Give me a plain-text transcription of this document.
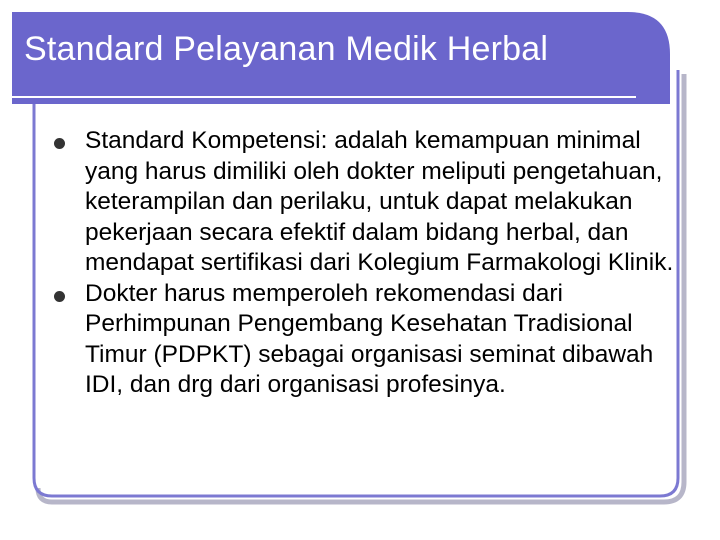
Standard Pelayanan Medik Herbal
Standard Kompetensi: adalah kemampuan minimal yang harus dimiliki oleh dokter meliputi pengetahuan, keterampilan dan perilaku, untuk dapat melakukan pekerjaan secara efektif dalam bidang herbal, dan mendapat sertifikasi dari Kolegium Farmakologi Klinik.
Dokter harus memperoleh rekomendasi dari Perhimpunan Pengembang Kesehatan Tradisional Timur (PDPKT) sebagai organisasi seminat dibawah IDI, dan drg dari organisasi profesinya.
